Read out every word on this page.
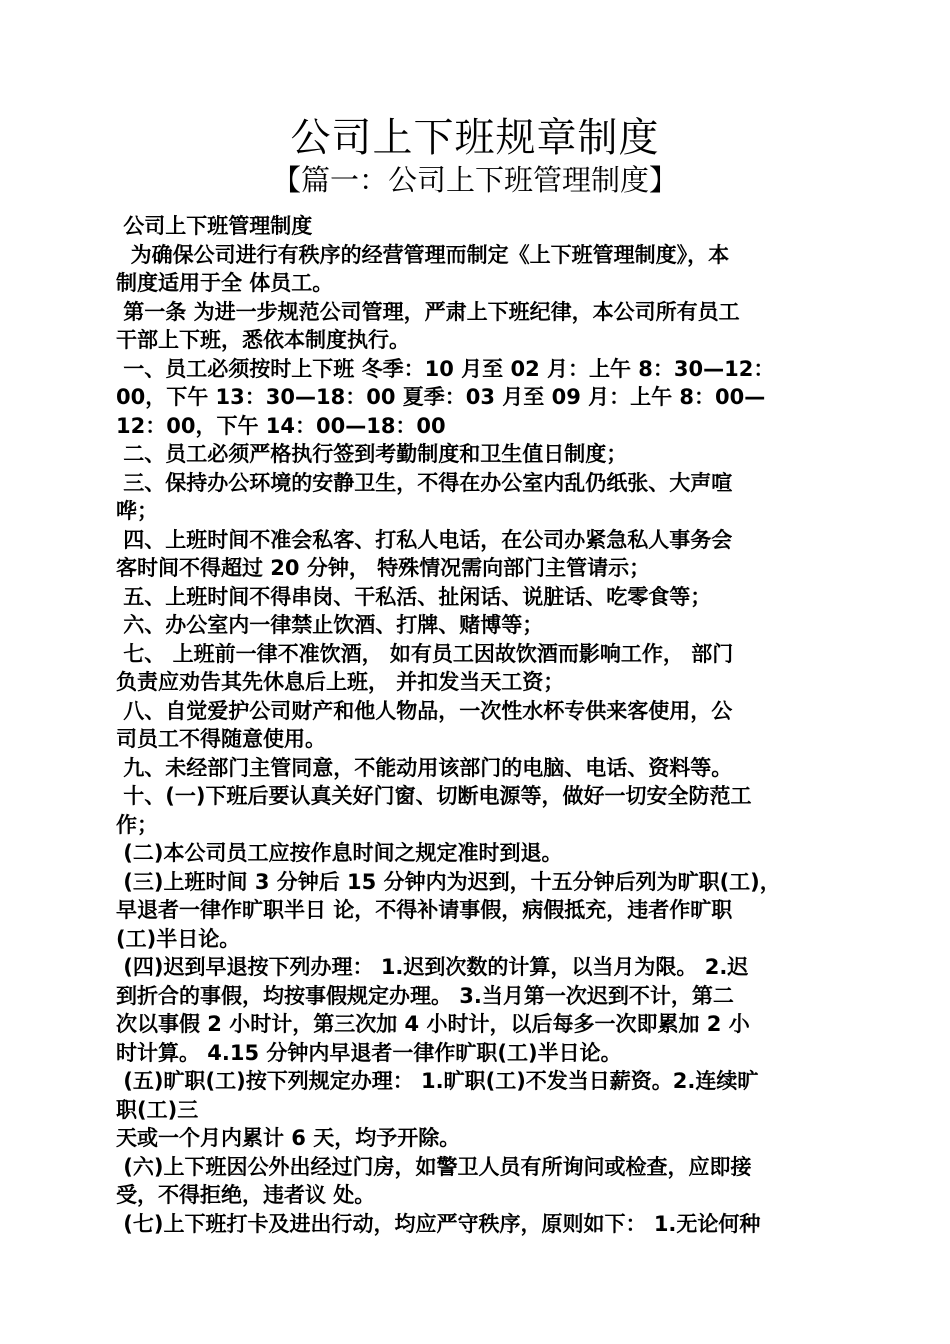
公司上下班规章制度
【篇一：公司上下班管理制度】
公司上下班管理制度
为确保公司进行有秩序的经营管理而制定《上下班管理制度》，本
制度适用于全 体员工。
第一条 为进一步规范公司管理，严肃上下班纪律，本公司所有员工
干部上下班，悉依本制度执行。
一、员工必须按时上下班 冬季：10 月至 02 月：上午 8：30—12：
00，下午 13：30—18：00 夏季：03 月至 09 月：上午 8：00—
12：00，下午 14：00—18：00
二、员工必须严格执行签到考勤制度和卫生值日制度；
三、保持办公环境的安静卫生，不得在办公室内乱仍纸张、大声喧
哗；
四、上班时间不准会私客、打私人电话，在公司办紧急私人事务会
客时间不得超过 20 分钟， 特殊情况需向部门主管请示；
五、上班时间不得串岗、干私活、扯闲话、说脏话、吃零食等；
六、办公室内一律禁止饮酒、打牌、赌博等；
七、 上班前一律不准饮酒， 如有员工因故饮酒而影响工作， 部门
负责应劝告其先休息后上班， 并扣发当天工资；
八、自觉爱护公司财产和他人物品，一次性水杯专供来客使用，公
司员工不得随意使用。
九、未经部门主管同意，不能动用该部门的电脑、电话、资料等。
十、(一)下班后要认真关好门窗、切断电源等，做好一切安全防范工
作；
(二)本公司员工应按作息时间之规定准时到退。
(三)上班时间 3 分钟后 15 分钟内为迟到，十五分钟后列为旷职(工)，
早退者一律作旷职半日 论，不得补请事假，病假抵充，违者作旷职
(工)半日论。
(四)迟到早退按下列办理： 1.迟到次数的计算，以当月为限。 2.迟
到折合的事假，均按事假规定办理。 3.当月第一次迟到不计，第二
次以事假 2 小时计，第三次加 4 小时计，以后每多一次即累加 2 小
时计算。 4.15 分钟内早退者一律作旷职(工)半日论。
(五)旷职(工)按下列规定办理： 1.旷职(工)不发当日薪资。2.连续旷
职(工)三
天或一个月内累计 6 天，均予开除。
(六)上下班因公外出经过门房，如警卫人员有所询问或检查，应即接
受，不得拒绝，违者议 处。
(七)上下班打卡及进出行动，均应严守秩序，原则如下： 1.无论何种
